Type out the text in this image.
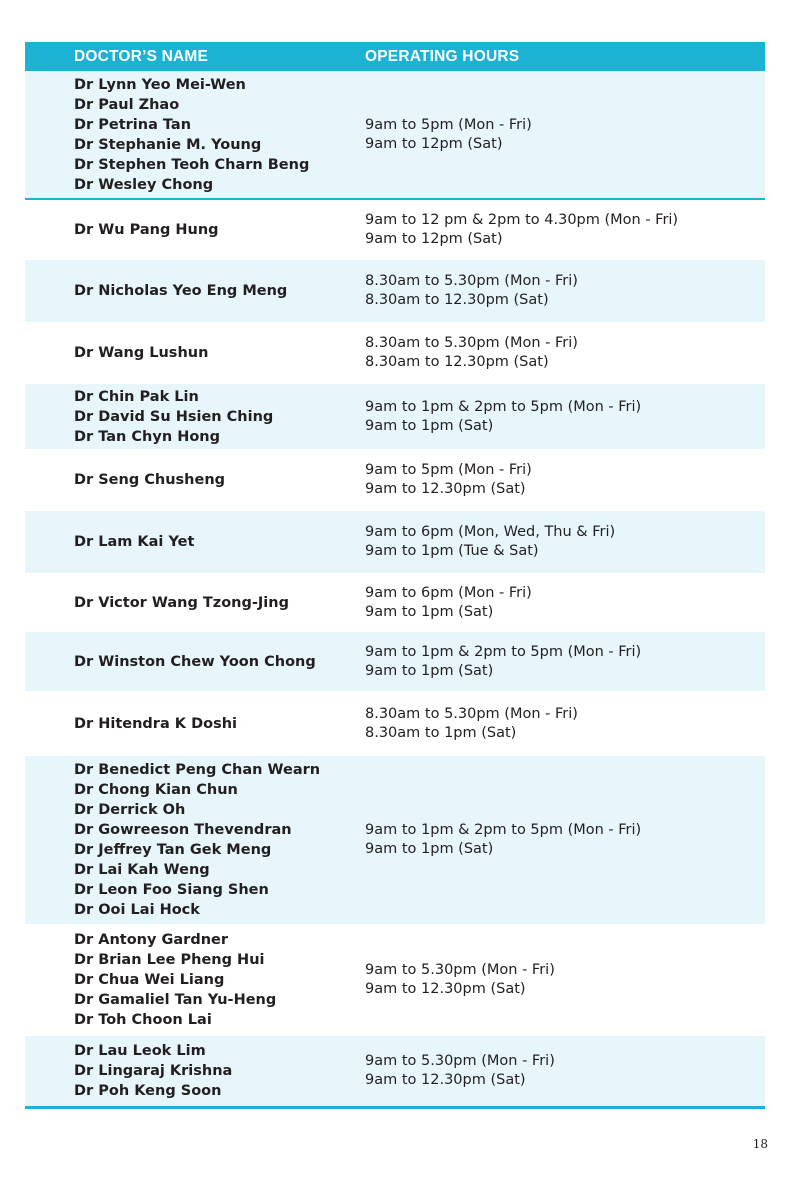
DOCTOR’S NAME	OPERATING HOURS
Dr Lynn Yeo Mei-Wen
Dr Paul Zhao
Dr Petrina Tan
Dr Stephanie M. Young
Dr Stephen Teoh Charn Beng
Dr Wesley Chong
9am to 5pm (Mon - Fri)
9am to 12pm (Sat)
Dr Wu Pang Hung
9am to 12 pm & 2pm to 4.30pm (Mon - Fri)
9am to 12pm (Sat)
Dr Nicholas Yeo Eng Meng
8.30am to 5.30pm (Mon - Fri)
8.30am to 12.30pm (Sat)
Dr Wang Lushun
8.30am to 5.30pm (Mon - Fri)
8.30am to 12.30pm (Sat)
Dr Chin Pak Lin
Dr David Su Hsien Ching
Dr Tan Chyn Hong
9am to 1pm & 2pm to 5pm (Mon - Fri)
9am to 1pm (Sat)
Dr Seng Chusheng
9am to 5pm (Mon - Fri)
9am to 12.30pm (Sat)
Dr Lam Kai Yet
9am to 6pm (Mon, Wed, Thu & Fri)
9am to 1pm (Tue & Sat)
Dr Victor Wang Tzong-Jing
9am to 6pm (Mon - Fri)
9am to 1pm (Sat)
Dr Winston Chew Yoon Chong
9am to 1pm & 2pm to 5pm (Mon - Fri)
9am to 1pm (Sat)
Dr Hitendra K Doshi
8.30am to 5.30pm (Mon - Fri)
8.30am to 1pm (Sat)
Dr Benedict Peng Chan Wearn
Dr Chong Kian Chun
Dr Derrick Oh
Dr Gowreeson Thevendran
Dr Jeffrey Tan Gek Meng
Dr Lai Kah Weng
Dr Leon Foo Siang Shen
Dr Ooi Lai Hock
9am to 1pm & 2pm to 5pm (Mon - Fri)
9am to 1pm (Sat)
Dr Antony Gardner
Dr Brian Lee Pheng Hui
Dr Chua Wei Liang
Dr Gamaliel Tan Yu-Heng
Dr Toh Choon Lai
9am to 5.30pm (Mon - Fri)
9am to 12.30pm (Sat)
Dr Lau Leok Lim
Dr Lingaraj Krishna
Dr Poh Keng Soon
9am to 5.30pm (Mon - Fri)
9am to 12.30pm (Sat)
18
